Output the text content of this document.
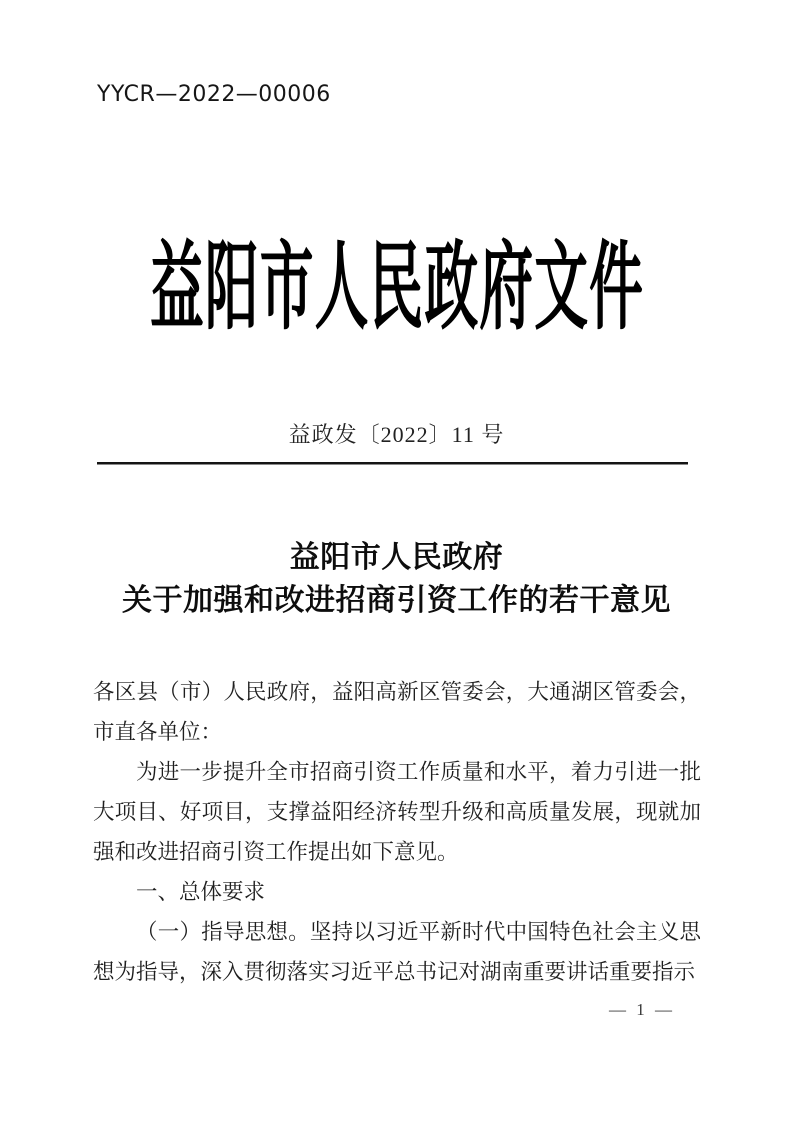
YYCR—2022—00006
益阳市人民政府文件
益政发〔2022〕11 号
益阳市人民政府
关于加强和改进招商引资工作的若干意见

各区县（市）人民政府，益阳高新区管委会，大通湖区管委会，市直各单位：

为进一步提升全市招商引资工作质量和水平，着力引进一批大项目、好项目，支撑益阳经济转型升级和高质量发展，现就加强和改进招商引资工作提出如下意见。

一、总体要求

（一）指导思想。坚持以习近平新时代中国特色社会主义思想为指导，深入贯彻落实习近平总书记对湖南重要讲话重要指示

— 1 —
